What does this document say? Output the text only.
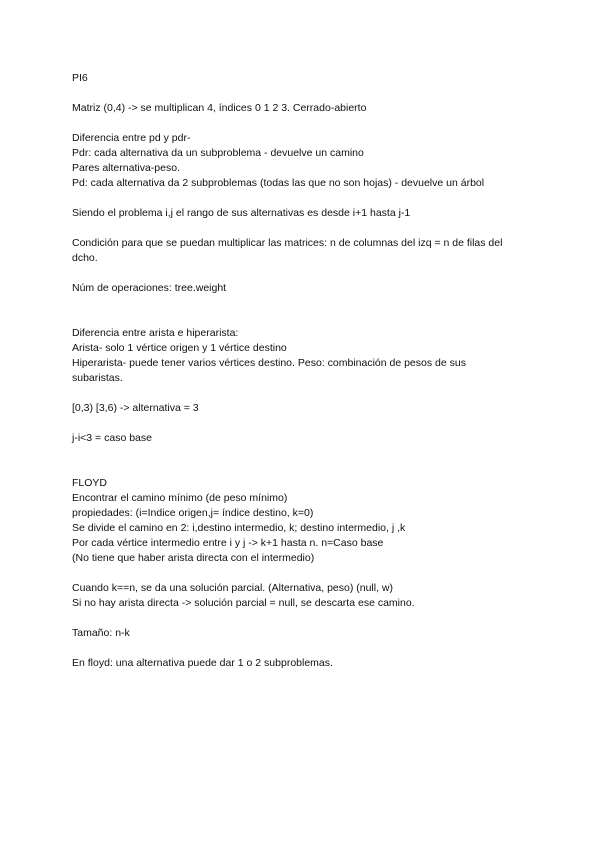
PI6
Matriz (0,4) -> se multiplican 4, índices 0 1 2 3. Cerrado-abierto
Diferencia entre pd y pdr-
Pdr: cada alternativa da un subproblema - devuelve un camino
Pares alternativa-peso.
Pd: cada alternativa da 2 subproblemas (todas las que no son hojas) - devuelve un árbol
Siendo el problema i,j el rango de sus alternativas es desde i+1 hasta j-1
Condición para que se puedan multiplicar las matrices: n de columnas del izq = n de filas del
dcho.
Núm de operaciones: tree.weight
Diferencia entre arista e hiperarista:
Arista- solo 1 vértice origen y 1 vértice destino
Hiperarista- puede tener varios vértices destino. Peso: combinación de pesos de sus
subaristas.
[0,3) [3,6) -> alternativa = 3
j-i<3 = caso base
FLOYD
Encontrar el camino mínimo (de peso mínimo)
propiedades: (i=Indice origen,j= índice destino, k=0)
Se divide el camino en 2: i,destino intermedio, k; destino intermedio, j ,k
Por cada vértice intermedio entre i y j -> k+1 hasta n. n=Caso base
(No tiene que haber arista directa con el intermedio)
Cuando k==n, se da una solución parcial. (Alternativa, peso) (null, w)
Si no hay arista directa -> solución parcial = null, se descarta ese camino.
Tamaño: n-k
En floyd: una alternativa puede dar 1 o 2 subproblemas.
